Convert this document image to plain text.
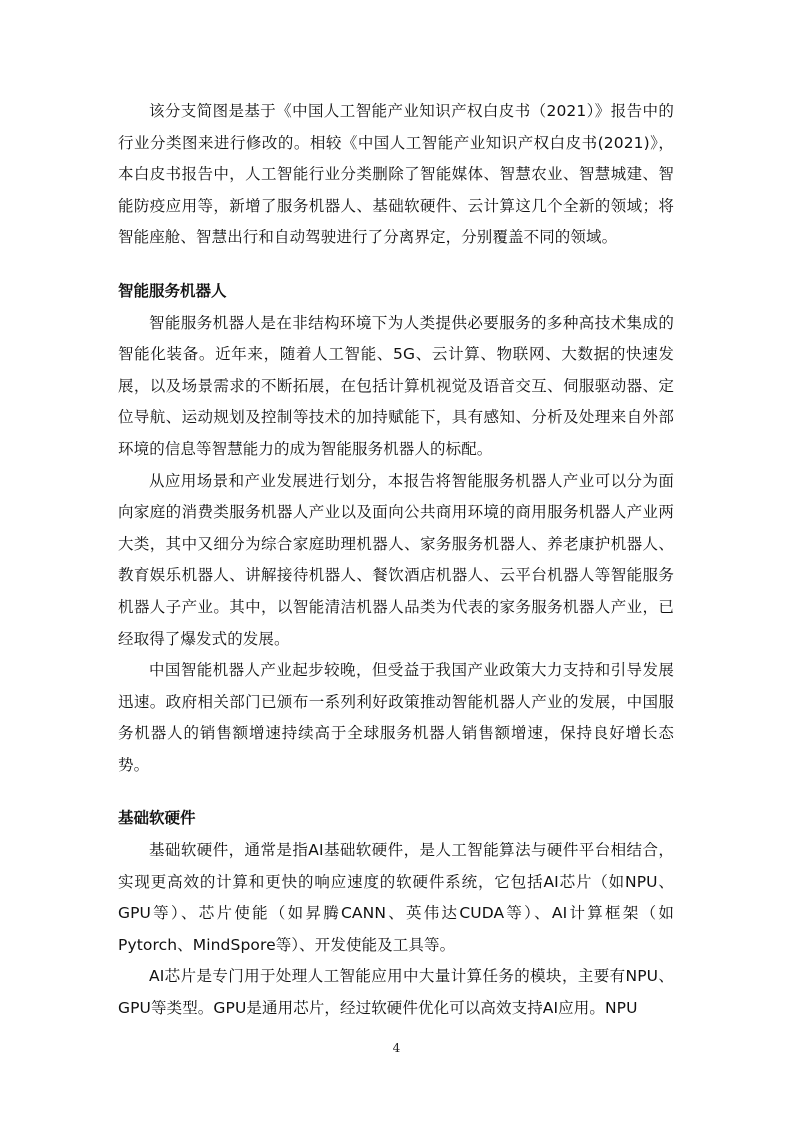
该分支简图是基于《中国人工智能产业知识产权白皮书（2021）》报告中的行业分类图来进行修改的。相较《中国人工智能产业知识产权白皮书(2021)》，本白皮书报告中，人工智能行业分类删除了智能媒体、智慧农业、智慧城建、智能防疫应用等，新增了服务机器人、基础软硬件、云计算这几个全新的领域；将智能座舱、智慧出行和自动驾驶进行了分离界定，分别覆盖不同的领域。

智能服务机器人

智能服务机器人是在非结构环境下为人类提供必要服务的多种高技术集成的智能化装备。近年来，随着人工智能、5G、云计算、物联网、大数据的快速发展，以及场景需求的不断拓展，在包括计算机视觉及语音交互、伺服驱动器、定位导航、运动规划及控制等技术的加持赋能下，具有感知、分析及处理来自外部环境的信息等智慧能力的成为智能服务机器人的标配。

从应用场景和产业发展进行划分，本报告将智能服务机器人产业可以分为面向家庭的消费类服务机器人产业以及面向公共商用环境的商用服务机器人产业两大类，其中又细分为综合家庭助理机器人、家务服务机器人、养老康护机器人、教育娱乐机器人、讲解接待机器人、餐饮酒店机器人、云平台机器人等智能服务机器人子产业。其中，以智能清洁机器人品类为代表的家务服务机器人产业，已经取得了爆发式的发展。

中国智能机器人产业起步较晚，但受益于我国产业政策大力支持和引导发展迅速。政府相关部门已颁布一系列利好政策推动智能机器人产业的发展，中国服务机器人的销售额增速持续高于全球服务机器人销售额增速，保持良好增长态势。

基础软硬件

基础软硬件，通常是指AI基础软硬件，是人工智能算法与硬件平台相结合，实现更高效的计算和更快的响应速度的软硬件系统，它包括AI芯片（如NPU、GPU等）、芯片使能（如昇腾CANN、英伟达CUDA等）、AI计算框架（如Pytorch、MindSpore等）、开发使能及工具等。

AI芯片是专门用于处理人工智能应用中大量计算任务的模块，主要有NPU、GPU等类型。GPU是通用芯片，经过软硬件优化可以高效支持AI应用。NPU

4
